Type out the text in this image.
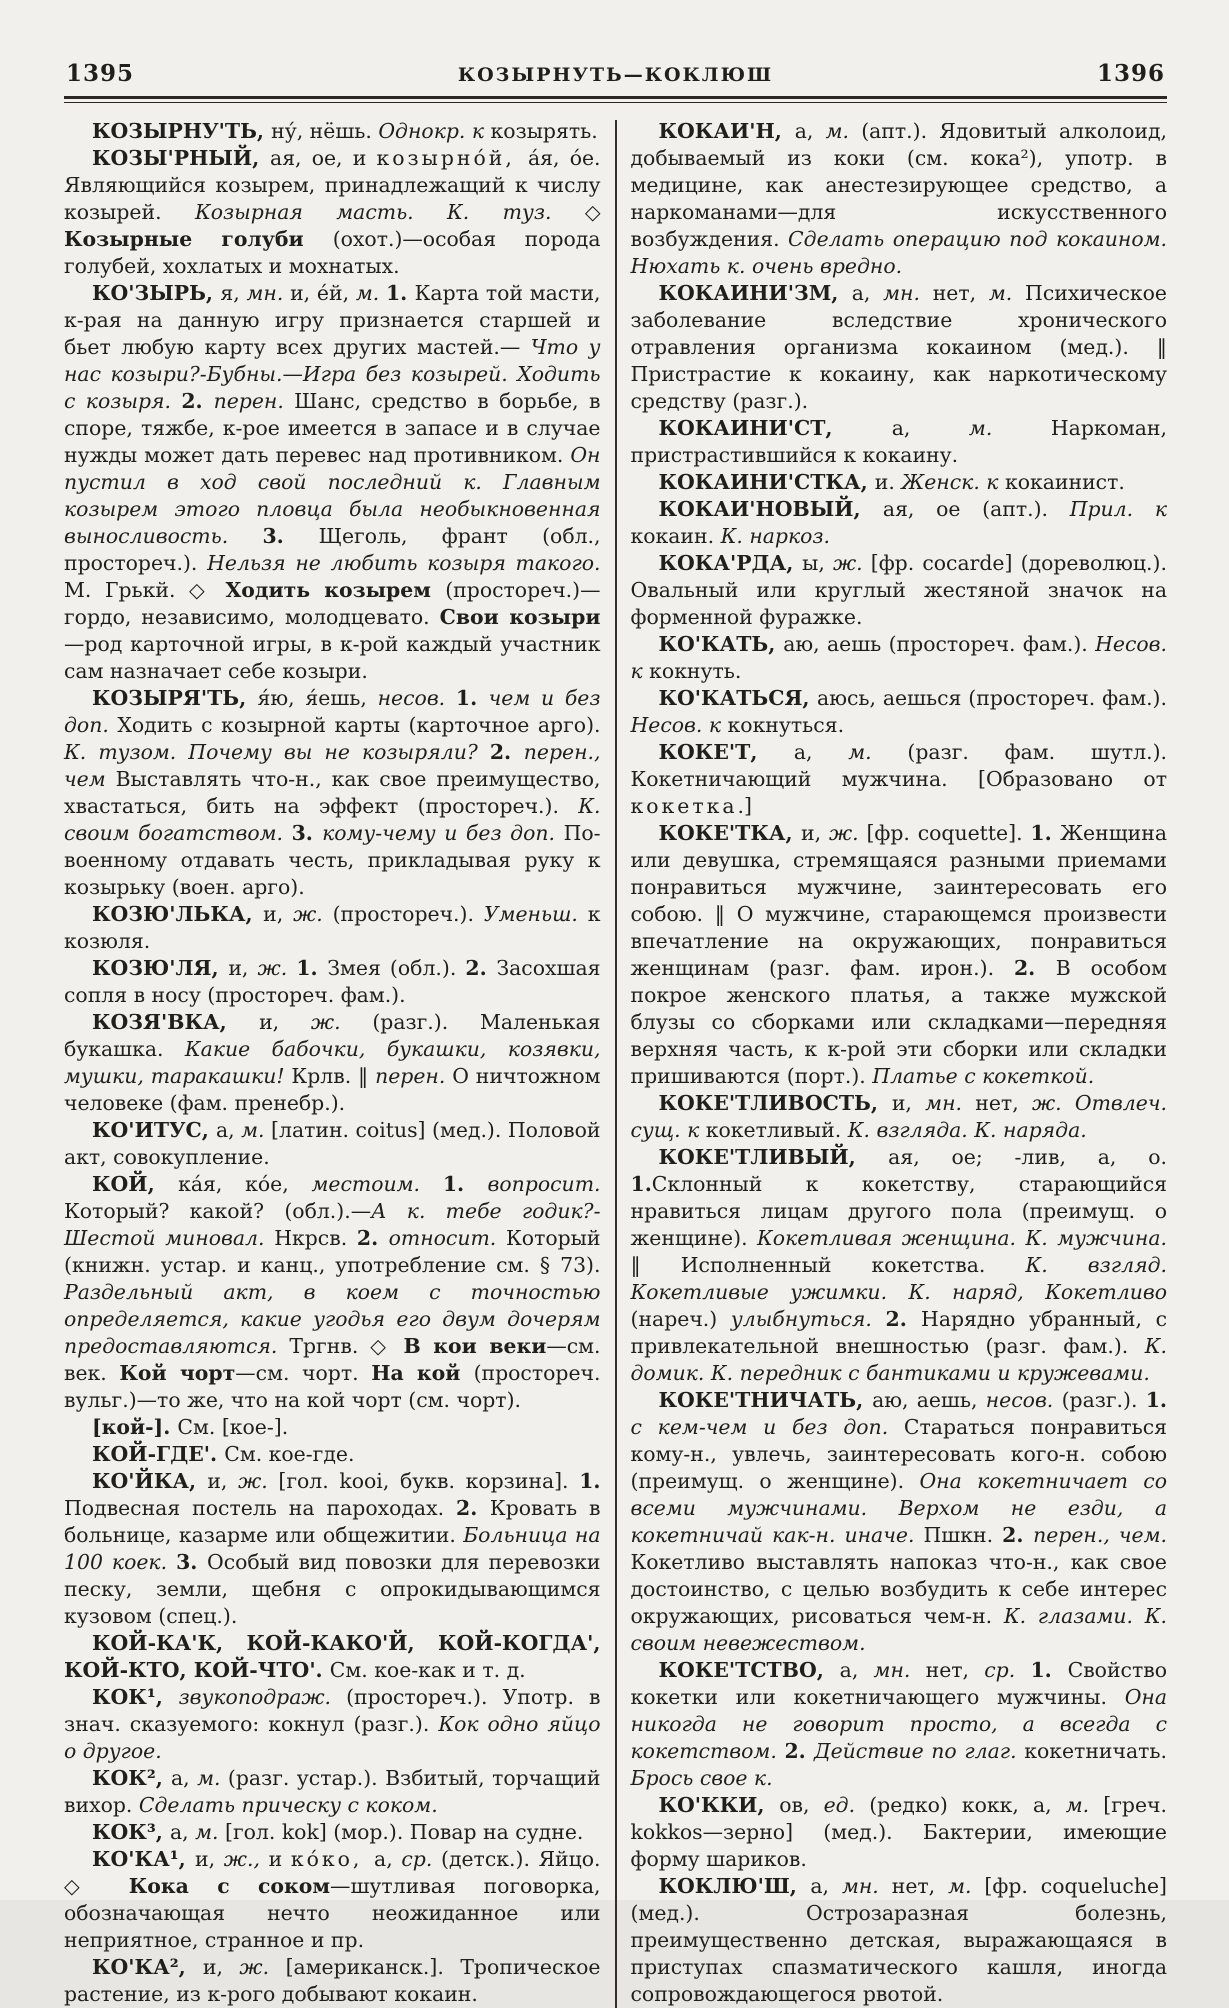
1395	КОЗЫРНУТЬ—КОКЛЮШ	1396

КОЗЫРНУ'ТЬ, ну́, нёшь. Однокр. к козырять.

КОЗЫ'РНЫЙ, ая, ое, и козырно́й, а́я, о́е. Являющийся козырем, принадлежащий к числу козырей. Козырная масть. К. туз. ◇ Козырные голуби (охот.)—особая порода голубей, хохлатых и мохнатых.

КО'ЗЫРЬ, я, мн. и, е́й, м. 1. Карта той масти, к-рая на данную игру признается старшей и бьет любую карту всех других мастей.— Что у нас козыри?-Бубны.—Игра без козырей. Ходить с козыря. 2. перен. Шанс, средство в борьбе, в споре, тяжбе, к-рое имеется в запасе и в случае нужды может дать перевес над противником. Он пустил в ход свой последний к. Главным козырем этого пловца была необыкновенная выносливость. 3. Щеголь, франт (обл., простореч.). Нельзя не любить козыря такого. М. Грькй. ◇ Ходить козырем (простореч.)—гордо, независимо, молодцевато. Свои козыри—род карточной игры, в к-рой каждый участник сам назначает себе козыри.

КОЗЫРЯ'ТЬ, я́ю, я́ешь, несов. 1. чем и без доп. Ходить с козырной карты (карточное арго). К. тузом. Почему вы не козыряли? 2. перен., чем Выставлять что-н., как свое преимущество, хвастаться, бить на эффект (простореч.). К. своим богатством. 3. кому-чему и без доп. По-военному отдавать честь, прикладывая руку к козырьку (воен. арго).

КОЗЮ'ЛЬКА, и, ж. (простореч.). Уменьш. к козюля.

КОЗЮ'ЛЯ, и, ж. 1. Змея (обл.). 2. Засохшая сопля в носу (простореч. фам.).

КОЗЯ'ВКА, и, ж. (разг.). Маленькая букашка. Какие бабочки, букашки, козявки, мушки, таракашки! Крлв. ‖ перен. О ничтожном человеке (фам. пренебр.).

КО'ИТУС, а, м. [латин. coitus] (мед.). Половой акт, совокупление.

КОЙ, ка́я, ко́е, местоим. 1. вопросит. Который? какой? (обл.).—А к. тебе годик?-Шестой миновал. Нкрсв. 2. относит. Который (книжн. устар. и канц., употребление см. § 73). Раздельный акт, в коем с точностью определяется, какие угодья его двум дочерям предоставляются. Тргнв. ◇ В кои веки—см. век. Кой чорт—см. чорт. На кой (простореч. вульг.)—то же, что на кой чорт (см. чорт).

[кой-]. См. [кое-].

КОЙ-ГДЕ'. См. кое-где.

КО'ЙКА, и, ж. [гол. kooi, букв. корзина]. 1. Подвесная постель на пароходах. 2. Кровать в больнице, казарме или общежитии. Больница на 100 коек. 3. Особый вид повозки для перевозки песку, земли, щебня с опрокидывающимся кузовом (спец.).

КОЙ-КА'К, КОЙ-КАКО'Й, КОЙ-КОГДА', КОЙ-КТО, КОЙ-ЧТО'. См. кое-как и т. д.

КОК¹, звукоподраж. (простореч.). Употр. в знач. сказуемого: кокнул (разг.). Кок одно яйцо о другое.

КОК², а, м. (разг. устар.). Взбитый, торчащий вихор. Сделать прическу с коком.

КОК³, а, м. [гол. kok] (мор.). Повар на судне.

КО'КА¹, и, ж., и ко́ко, а, ср. (детск.). Яйцо. ◇ Кока с соком—шутливая поговорка, обозначающая нечто неожиданное или неприятное, странное и пр.

КО'КА², и, ж. [американск.]. Тропическое растение, из к-рого добывают кокаин.

КОКАИ'Н, а, м. (апт.). Ядовитый алколоид, добываемый из коки (см. кока²), употр. в медицине, как анестезирующее средство, а наркоманами—для искусственного возбуждения. Сделать операцию под кокаином. Нюхать к. очень вредно.

КОКАИНИ'ЗМ, а, мн. нет, м. Психическое заболевание вследствие хронического отравления организма кокаином (мед.). ‖ Пристрастие к кокаину, как наркотическому средству (разг.).

КОКАИНИ'СТ, а, м. Наркоман, пристрастившийся к кокаину.

КОКАИНИ'СТКА, и. Женск. к кокаинист.

КОКАИ'НОВЫЙ, ая, ое (апт.). Прил. к кокаин. К. наркоз.

КОКА'РДА, ы, ж. [фр. cocarde] (дореволюц.). Овальный или круглый жестяной значок на форменной фуражке.

КО'КАТЬ, аю, аешь (простореч. фам.). Несов. к кокнуть.

КО'КАТЬСЯ, аюсь, аешься (простореч. фам.). Несов. к кокнуться.

КОКЕ'Т, а, м. (разг. фам. шутл.). Кокетничающий мужчина. [Образовано от кокетка.]

КОКЕ'ТКА, и, ж. [фр. coquette]. 1. Женщина или девушка, стремящаяся разными приемами понравиться мужчине, заинтересовать его собою. ‖ О мужчине, старающемся произвести впечатление на окружающих, понравиться женщинам (разг. фам. ирон.). 2. В особом покрое женского платья, а также мужской блузы со сборками или складками—передняя верхняя часть, к к-рой эти сборки или складки пришиваются (порт.). Платье с кокеткой.

КОКЕ'ТЛИВОСТЬ, и, мн. нет, ж. Отвлеч. сущ. к кокетливый. К. взгляда. К. наряда.

КОКЕ'ТЛИВЫЙ, ая, ое; -лив, а, о. 1.Склонный к кокетству, старающийся нравиться лицам другого пола (преимущ. о женщине). Кокетливая женщина. К. мужчина. ‖ Исполненный кокетства. К. взгляд. Кокетливые ужимки. К. наряд, Кокетливо (нареч.) улыбнуться. 2. Нарядно убранный, с привлекательной внешностью (разг. фам.). К. домик. К. передник с бантиками и кружевами.

КОКЕ'ТНИЧАТЬ, аю, аешь, несов. (разг.). 1. с кем-чем и без доп. Стараться понравиться кому-н., увлечь, заинтересовать кого-н. собою (преимущ. о женщине). Она кокетничает со всеми мужчинами. Верхом не езди, а кокетничай как-н. иначе. Пшкн. 2. перен., чем. Кокетливо выставлять напоказ что-н., как свое достоинство, с целью возбудить к себе интерес окружающих, рисоваться чем-н. К. глазами. К. своим невежеством.

КОКЕ'ТСТВО, а, мн. нет, ср. 1. Свойство кокетки или кокетничающего мужчины. Она никогда не говорит просто, а всегда с кокетством. 2. Действие по глаг. кокетничать. Брось свое к.

КО'ККИ, ов, ед. (редко) кокк, а, м. [греч. kokkos—зерно] (мед.). Бактерии, имеющие форму шариков.

КОКЛЮ'Ш, а, мн. нет, м. [фр. coqueluche] (мед.). Острозаразная болезнь, преимущественно детская, выражающаяся в приступах спазматического кашля, иногда сопровождающегося рвотой.
